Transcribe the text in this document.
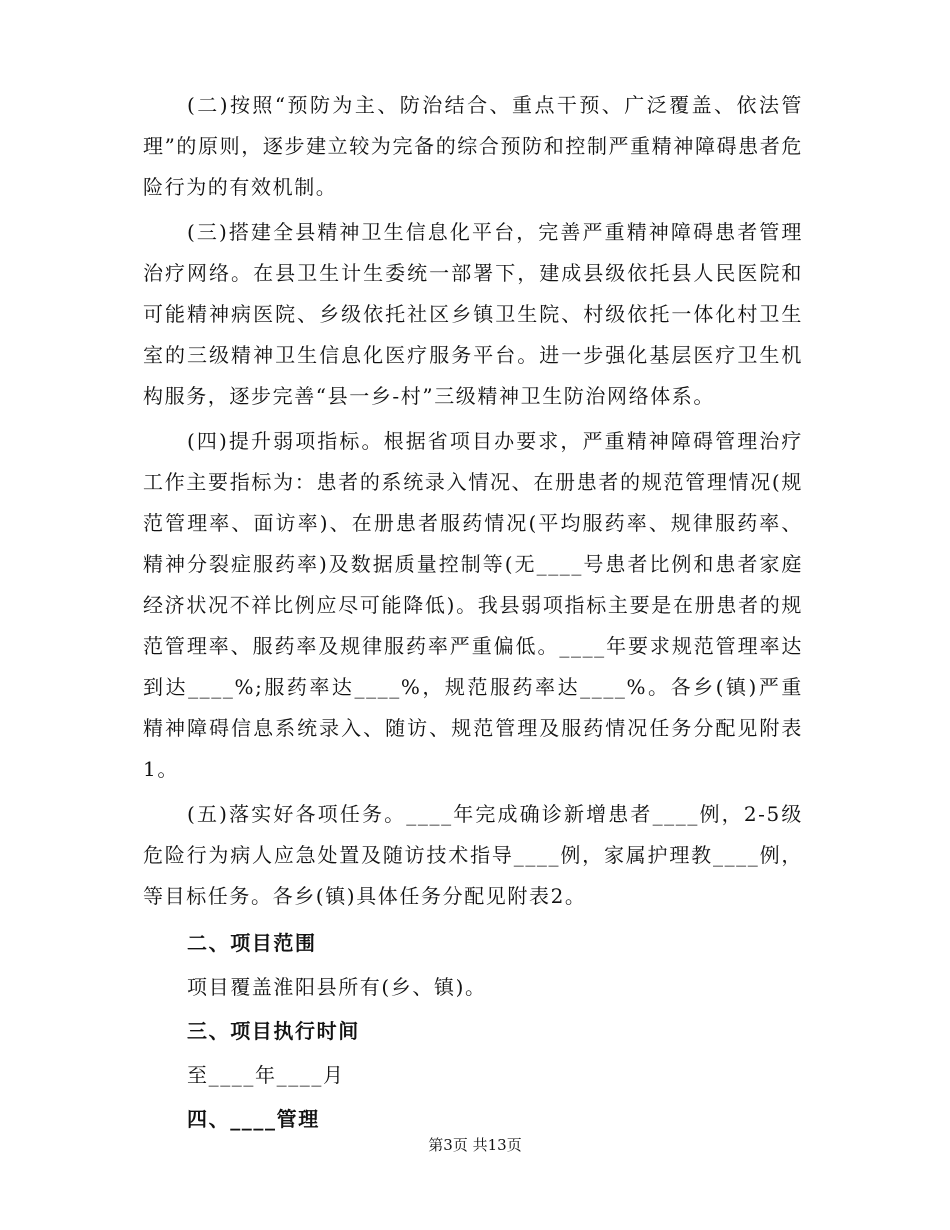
(二)按照“预防为主、防治结合、重点干预、广泛覆盖、依法管理”的原则，逐步建立较为完备的综合预防和控制严重精神障碍患者危险行为的有效机制。

(三)搭建全县精神卫生信息化平台，完善严重精神障碍患者管理治疗网络。在县卫生计生委统一部署下，建成县级依托县人民医院和可能精神病医院、乡级依托社区乡镇卫生院、村级依托一体化村卫生室的三级精神卫生信息化医疗服务平台。进一步强化基层医疗卫生机构服务，逐步完善“县一乡-村”三级精神卫生防治网络体系。

(四)提升弱项指标。根据省项目办要求，严重精神障碍管理治疗工作主要指标为：患者的系统录入情况、在册患者的规范管理情况(规范管理率、面访率)、在册患者服药情况(平均服药率、规律服药率、精神分裂症服药率)及数据质量控制等(无____号患者比例和患者家庭经济状况不祥比例应尽可能降低)。我县弱项指标主要是在册患者的规范管理率、服药率及规律服药率严重偏低。____年要求规范管理率达到达____%;服药率达____%，规范服药率达____%。各乡(镇)严重精神障碍信息系统录入、随访、规范管理及服药情况任务分配见附表1。

(五)落实好各项任务。____年完成确诊新增患者____例，2-5级危险行为病人应急处置及随访技术指导____例，家属护理教____例，等目标任务。各乡(镇)具体任务分配见附表2。

二、项目范围

项目覆盖淮阳县所有(乡、镇)。

三、项目执行时间

至____年____月

四、____管理

第3页 共13页
